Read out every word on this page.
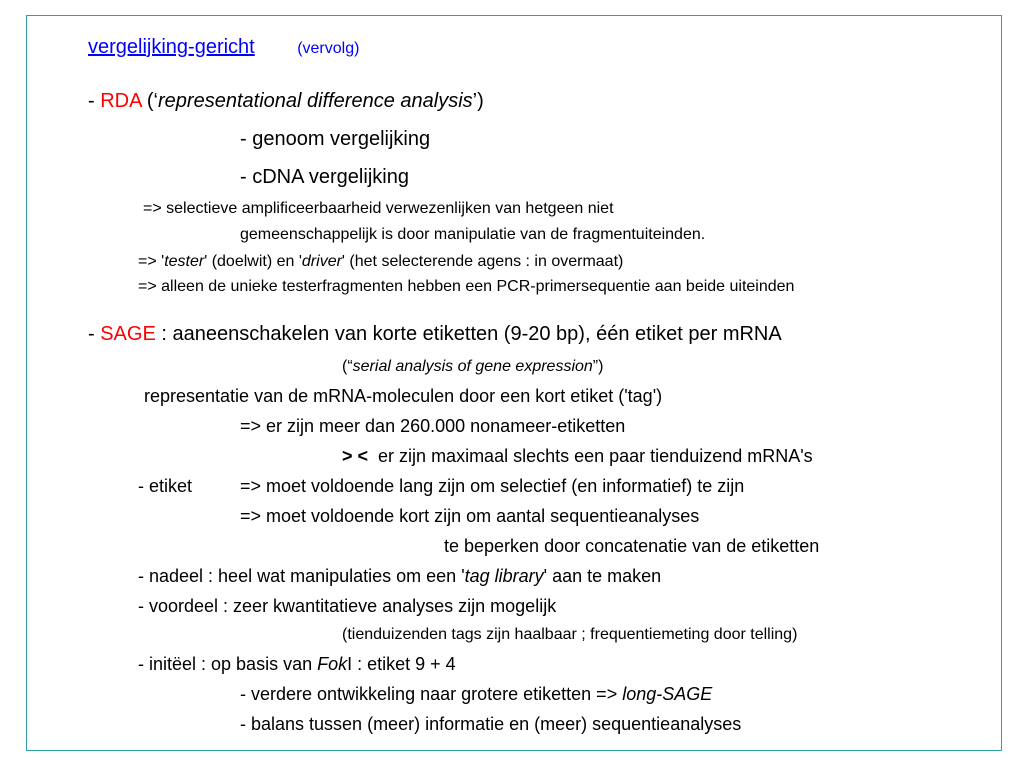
vergelijking-gericht	(vervolg)
- RDA (‘representational difference analysis’)
- genoom vergelijking
- cDNA vergelijking
=> selectieve amplificeerbaarheid verwezenlijken van hetgeen niet
gemeenschappelijk is door manipulatie van de fragmentuiteinden.
=> 'tester' (doelwit) en 'driver' (het selecterende agens : in overmaat)
=> alleen de unieke testerfragmenten hebben een PCR-primersequentie aan beide uiteinden
- SAGE : aaneenschakelen van korte etiketten (9-20 bp), één etiket per mRNA
(“serial analysis of gene expression”)
representatie van de mRNA-moleculen door een kort etiket ('tag')
=> er zijn meer dan 260.000 nonameer-etiketten
> < er zijn maximaal slechts een paar tienduizend mRNA's
- etiket	=> moet voldoende lang zijn om selectief (en informatief) te zijn
=> moet voldoende kort zijn om aantal sequentieanalyses
te beperken door concatenatie van de etiketten
- nadeel : heel wat manipulaties om een 'tag library' aan te maken
- voordeel : zeer kwantitatieve analyses zijn mogelijk
(tienduizenden tags zijn haalbaar ; frequentiemeting door telling)
- initëel : op basis van FokI : etiket 9 + 4
- verdere ontwikkeling naar grotere etiketten => long-SAGE
- balans tussen (meer) informatie en (meer) sequentieanalyses
